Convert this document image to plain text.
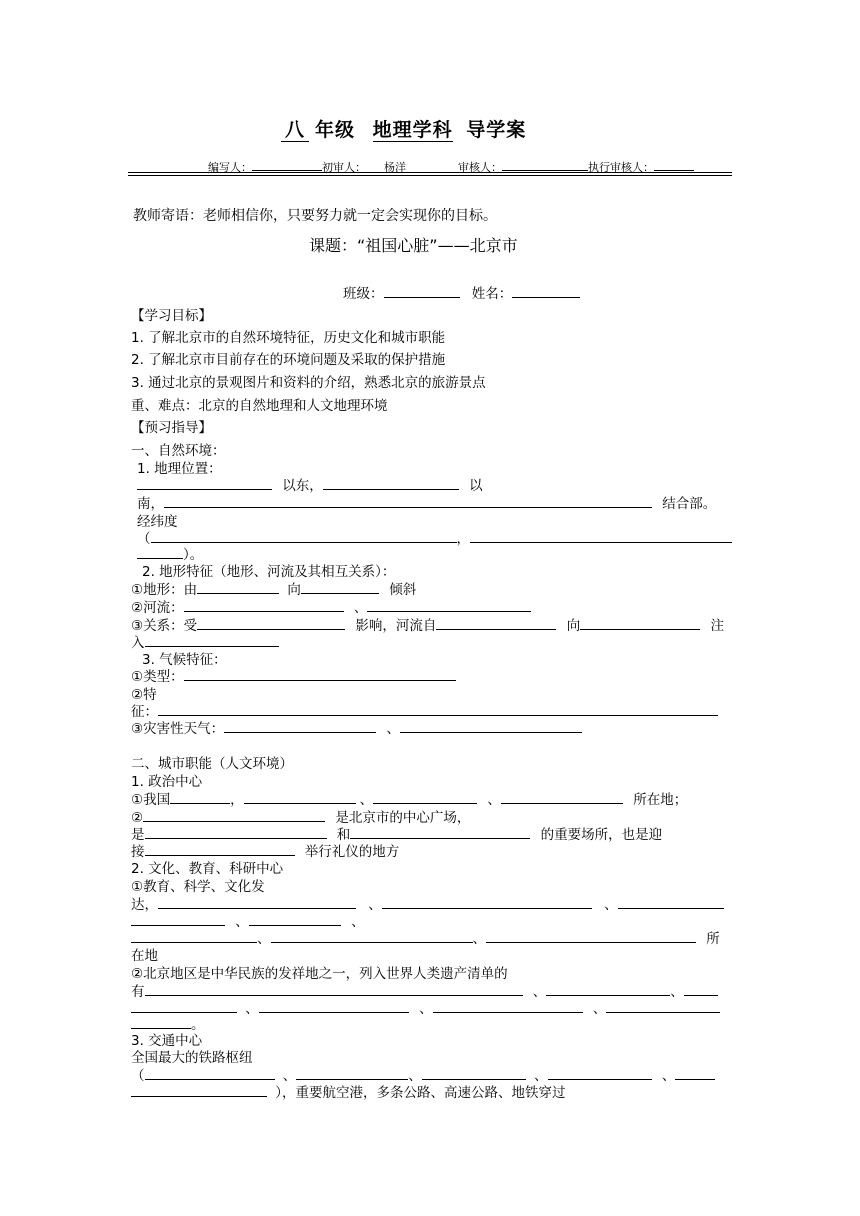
八 年级 地理学科 导学案
编写人：	初审人： 杨洋	审核人：	执行审核人：
教师寄语：老师相信你，只要努力就一定会实现你的目标。
课题：“祖国心脏”——北京市
班级：	姓名：
【学习目标】
1. 了解北京市的自然环境特征，历史文化和城市职能
2. 了解北京市目前存在的环境问题及采取的保护措施
3. 通过北京的景观图片和资料的介绍，熟悉北京的旅游景点
重、难点：北京的自然地理和人文地理环境
【预习指导】
一、自然环境：
1. 地理位置：
以东，	以
南，	结合部。
经纬度
（	，
）。
2. 地形特征（地形、河流及其相互关系）：
①地形：由	向	倾斜
②河流：	、
③关系：受	影响，河流自	向	注
入
3. 气候特征：
①类型：
②特
征：
③灾害性天气：	、
二、城市职能（人文环境）
1. 政治中心
①我国	，	、	、	所在地；
②	是北京市的中心广场，
是	和	的重要场所，也是迎
接	举行礼仪的地方
2. 文化、教育、科研中心
①教育、科学、文化发
达，	、	、
、	、
、	、	所
在地
②北京地区是中华民族的发祥地之一，列入世界人类遗产清单的
有	、	、
、	、	、
。
3. 交通中心
全国最大的铁路枢纽
（	、	、	、	、
），重要航空港，多条公路、高速公路、地铁穿过
